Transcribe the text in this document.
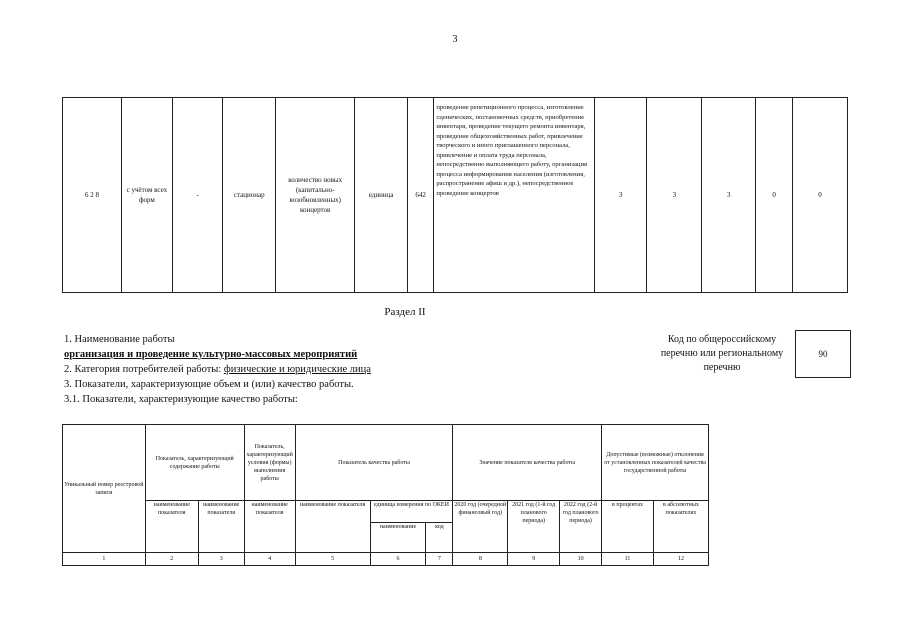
3
6 2 8	с учётом всех форм	-	стационар	количество новых (капитально-возобновленных) концертов	единица	642	проведение репетиционного процесса, изготовление сценических, постановочных средств, приобретение инвентаря, проведение текущего ремонта инвентаря, проведение общехозяйственных работ, привлечение творческого и иного приглашенного персонала, привлечение и оплата труда персонала, непосредственно выполняющего работу, организация процесса информирования населения (изготовления, распространение афиш и др.), непосредственное проведение концертов	3	3	3	0	0
Раздел II
1. Наименование работы
организация и проведение культурно-массовых мероприятий
2. Категория потребителей работы: физические и юридические лица
3. Показатели, характеризующие объем и (или) качество работы.
3.1. Показатели, характеризующие качество работы:
Код по общероссийскому перечню или региональному перечню
90
Уникальный номер реестровой записи	Показатель, характеризующий содержание работы		Показатель, характеризующий условия (формы) выполнения работы	Показатель качества работы			Значение показателя качества работы			Допустимые (возможные) отклонения от установленных показателей качества государственной работы	
	наименование показателя	наименование показателя	наименование показателя	наименование показателя	единица измерения по ОКЕИ		2020 год (очередной финансовый год)	2021 год (1-й год планового периода)	2022 год (2-й год планового периода)	в процентах	в абсолютных показателях
					наименование	код					
1	2	3	4	5	6	7	8	9	10	11	12
